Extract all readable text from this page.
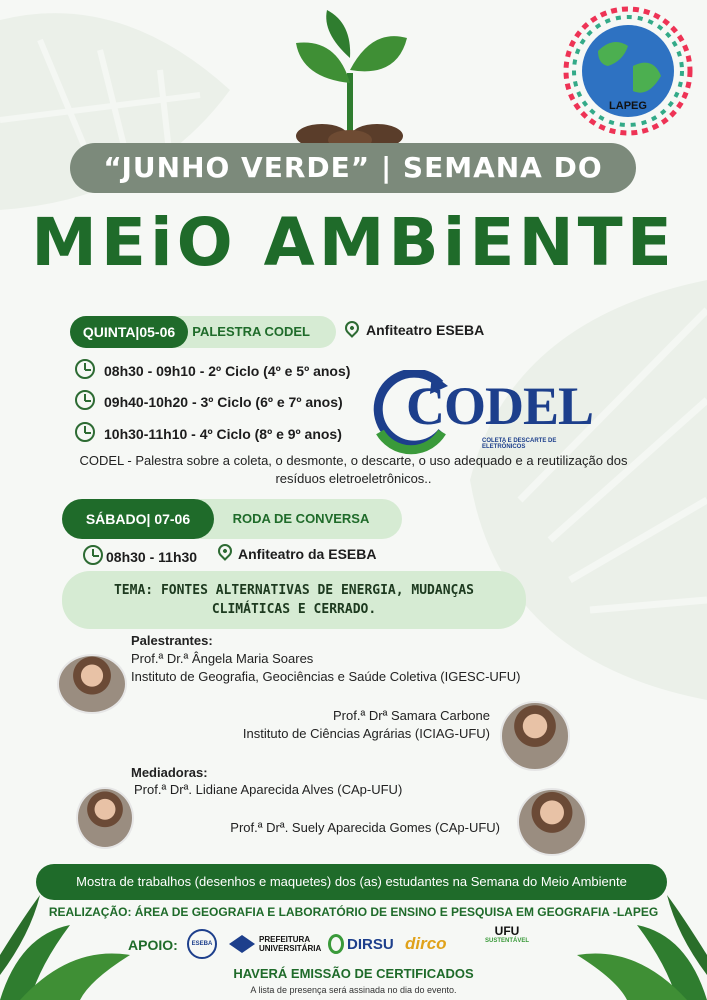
LAPEG
“JUNHO VERDE” | SEMANA DO
MEiO AMBiENTE
PALESTRA CODEL
QUINTA|05-06	Anfiteatro ESEBA
08h30 - 09h10 - 2º Ciclo (4º e 5º anos)
09h40-10h20 - 3º Ciclo (6º e 7º anos)
10h30-11h10 - 4º Ciclo (8º e 9º anos) CODEL
COLETA E DESCARTE DE ELETRÔNICOS
CODEL - Palestra sobre a coleta, o desmonte, o descarte, o uso adequado e a reutilização dos
resíduos eletroeletrônicos..
RODA DE CONVERSA
SÁBADO| 07-06
08h30 - 11h30	Anfiteatro da ESEBA
TEMA: FONTES ALTERNATIVAS DE ENERGIA, MUDANÇAS
CLIMÁTICAS E CERRADO.
Palestrantes:
Prof.ª Dr.ª Ângela Maria Soares
Instituto de Geografia, Geociências e Saúde Coletiva (IGESC-UFU)
Prof.ª Drª Samara Carbone
Instituto de Ciências Agrárias (ICIAG-UFU)
Mediadoras:
Prof.ª Drª. Lidiane Aparecida Alves (CAp-UFU)
Prof.ª Drª. Suely Aparecida Gomes (CAp-UFU)
Mostra de trabalhos (desenhos e maquetes) dos (as) estudantes na Semana do Meio Ambiente
REALIZAÇÃO: ÁREA DE GEOGRAFIA E LABORATÓRIO DE ENSINO E PESQUISA EM GEOGRAFIA -LAPEG
APOIO:	ESEBA	PREFEITURA UNIVERSITÁRIA DIRSU dirco
UFU
SUSTENTÁVEL
HAVERÁ EMISSÃO DE CERTIFICADOS
A lista de presença será assinada no dia do evento.
